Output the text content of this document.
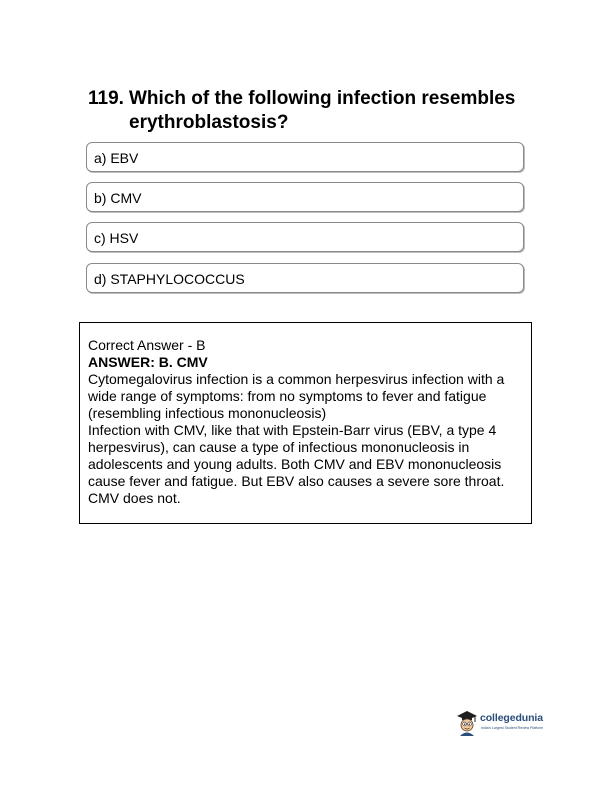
119. Which of the following infection resembles erythroblastosis?
a) EBV
b) CMV
c) HSV
d) STAPHYLOCOCCUS
Correct Answer - B
ANSWER: B. CMV
Cytomegalovirus infection is a common herpesvirus infection with a wide range of symptoms: from no symptoms to fever and fatigue (resembling infectious mononucleosis)
Infection with CMV, like that with Epstein-Barr virus (EBV, a type 4 herpesvirus), can cause a type of infectious mononucleosis in adolescents and young adults. Both CMV and EBV mononucleosis cause fever and fatigue. But EBV also causes a severe sore throat. CMV does not.
collegedunia
India's Largest Student Review Platform
